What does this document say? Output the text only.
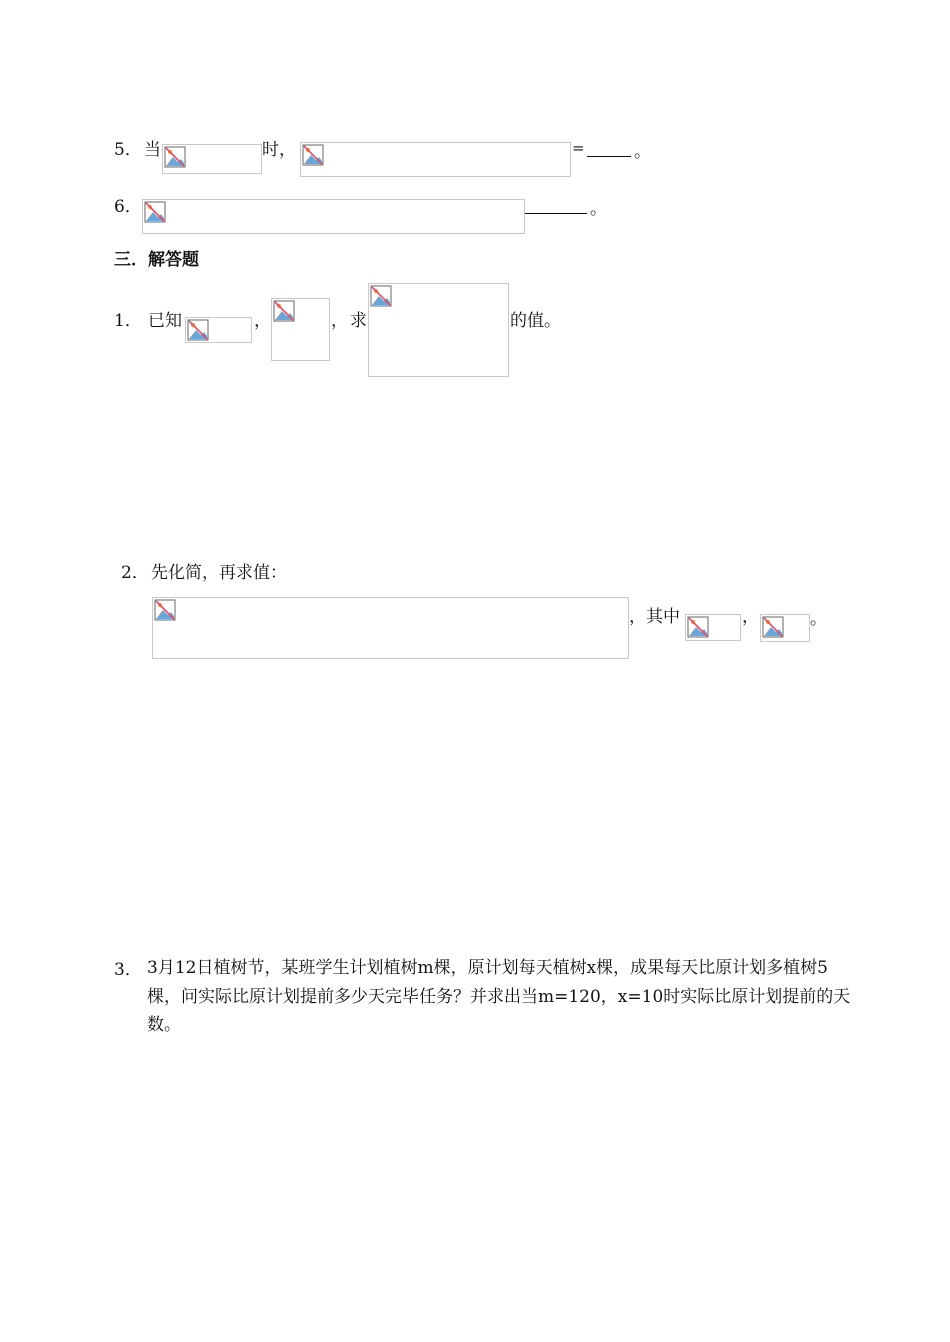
5． 当	时，	=	。
6．	。
三．解答题
1． 已知	，	， 求	的值。
2． 先化简，再求值：
，其中	，	。
3． 3月12日植树节，某班学生计划植树m棵，原计划每天植树x棵，成果每天比原计划多植树5棵，问实际比原计划提前多少天完毕任务？并求出当m=120，x=10时实际比原计划提前的天数。
